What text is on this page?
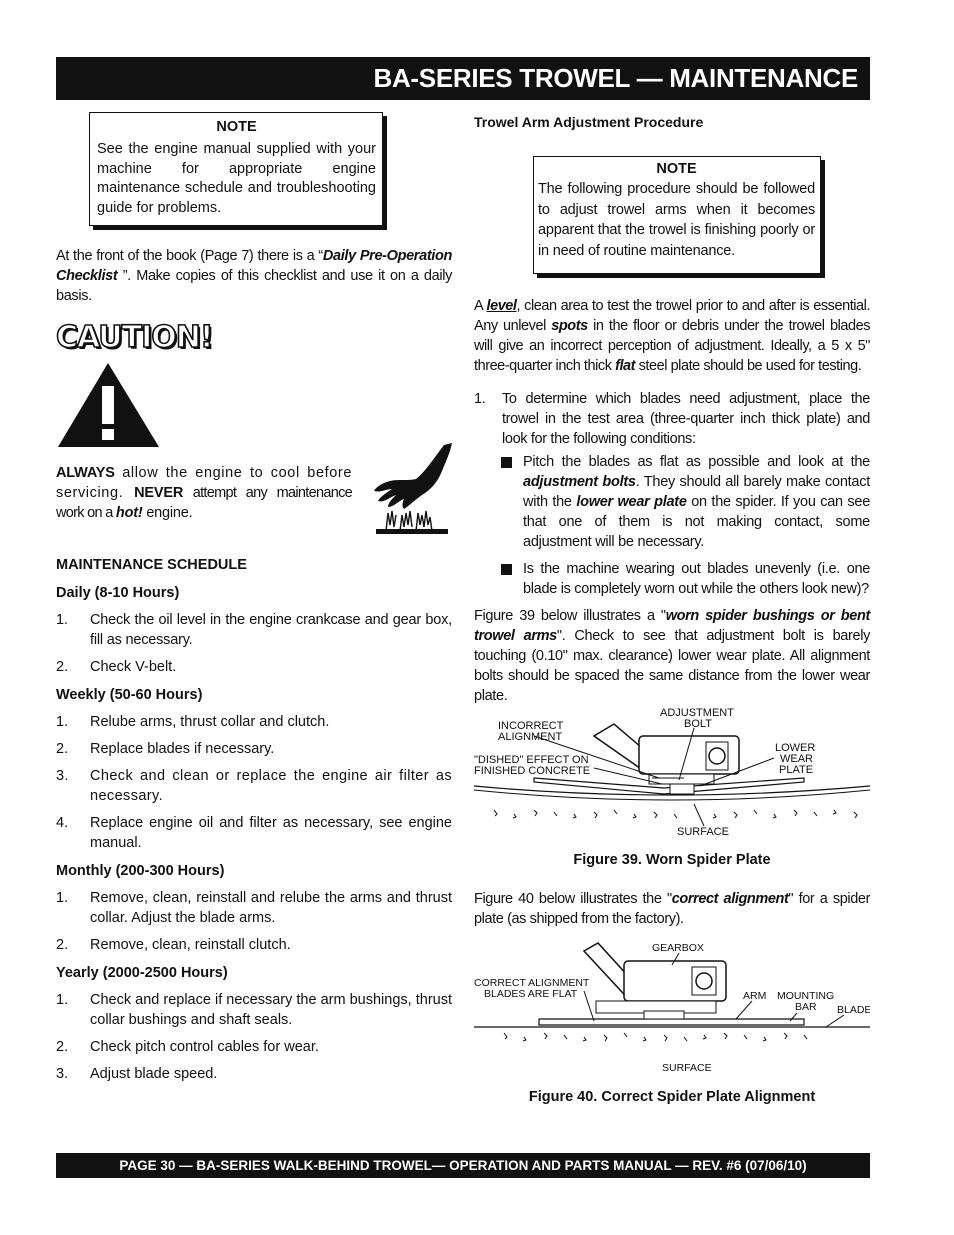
BA-SERIES TROWEL — MAINTENANCE
NOTE
See the engine manual supplied with your machine for appropriate engine maintenance schedule and troubleshooting guide for problems.

At the front of the book (Page 7) there is a “Daily Pre-Operation Checklist ”. Make copies of this checklist and use it on a daily basis.

CAUTION!

ALWAYS allow the engine to cool before servicing. NEVER attempt any maintenance work on a hot! engine.

MAINTENANCE SCHEDULE
Daily (8-10 Hours)
1. Check the oil level in the engine crankcase and gear box, fill as necessary.
2. Check V-belt.
Weekly (50-60 Hours)
1. Relube arms, thrust collar and clutch.
2. Replace blades if necessary.
3. Check and clean or replace the engine air filter as necessary.
4. Replace engine oil and filter as necessary, see engine manual.
Monthly (200-300 Hours)
1. Remove, clean, reinstall and relube the arms and thrust collar. Adjust the blade arms.
2. Remove, clean, reinstall clutch.
Yearly (2000-2500 Hours)
1. Check and replace if necessary the arm bushings, thrust collar bushings and shaft seals.
2. Check pitch control cables for wear.
3. Adjust blade speed.
Trowel Arm Adjustment Procedure
NOTE
The following procedure should be followed to adjust trowel arms when it becomes apparent that the trowel is finishing poorly or in need of routine maintenance.

A level, clean area to test the trowel prior to and after is essential. Any unlevel spots in the floor or debris under the trowel blades will give an incorrect perception of adjustment. Ideally, a 5 x 5" three-quarter inch thick flat steel plate should be used for testing.

1. To determine which blades need adjustment, place the trowel in the test area (three-quarter inch thick plate) and look for the following conditions:
Pitch the blades as flat as possible and look at the adjustment bolts. They should all barely make contact with the lower wear plate on the spider. If you can see that one of them is not making contact, some adjustment will be necessary.
Is the machine wearing out blades unevenly (i.e. one blade is completely worn out while the others look new)?

Figure 39 below illustrates a "worn spider bushings or bent trowel arms". Check to see that adjustment bolt is barely touching (0.10" max. clearance) lower wear plate. All alignment bolts should be spaced the same distance from the lower wear plate.

INCORRECT
ALIGNMENT
"DISHED" EFFECT ON
FINISHED CONCRETE
ADJUSTMENT
BOLT
LOWER
WEAR
PLATE
SURFACE
Figure 39. Worn Spider Plate

Figure 40 below illustrates the "correct alignment" for a spider plate (as shipped from the factory).

GEARBOX
CORRECT ALIGNMENT
BLADES ARE FLAT	ARM MOUNTING
BAR BLADE
SURFACE
Figure 40. Correct Spider Plate Alignment
PAGE 30 — BA-SERIES WALK-BEHIND TROWEL— OPERATION AND PARTS MANUAL — REV. #6 (07/06/10)
